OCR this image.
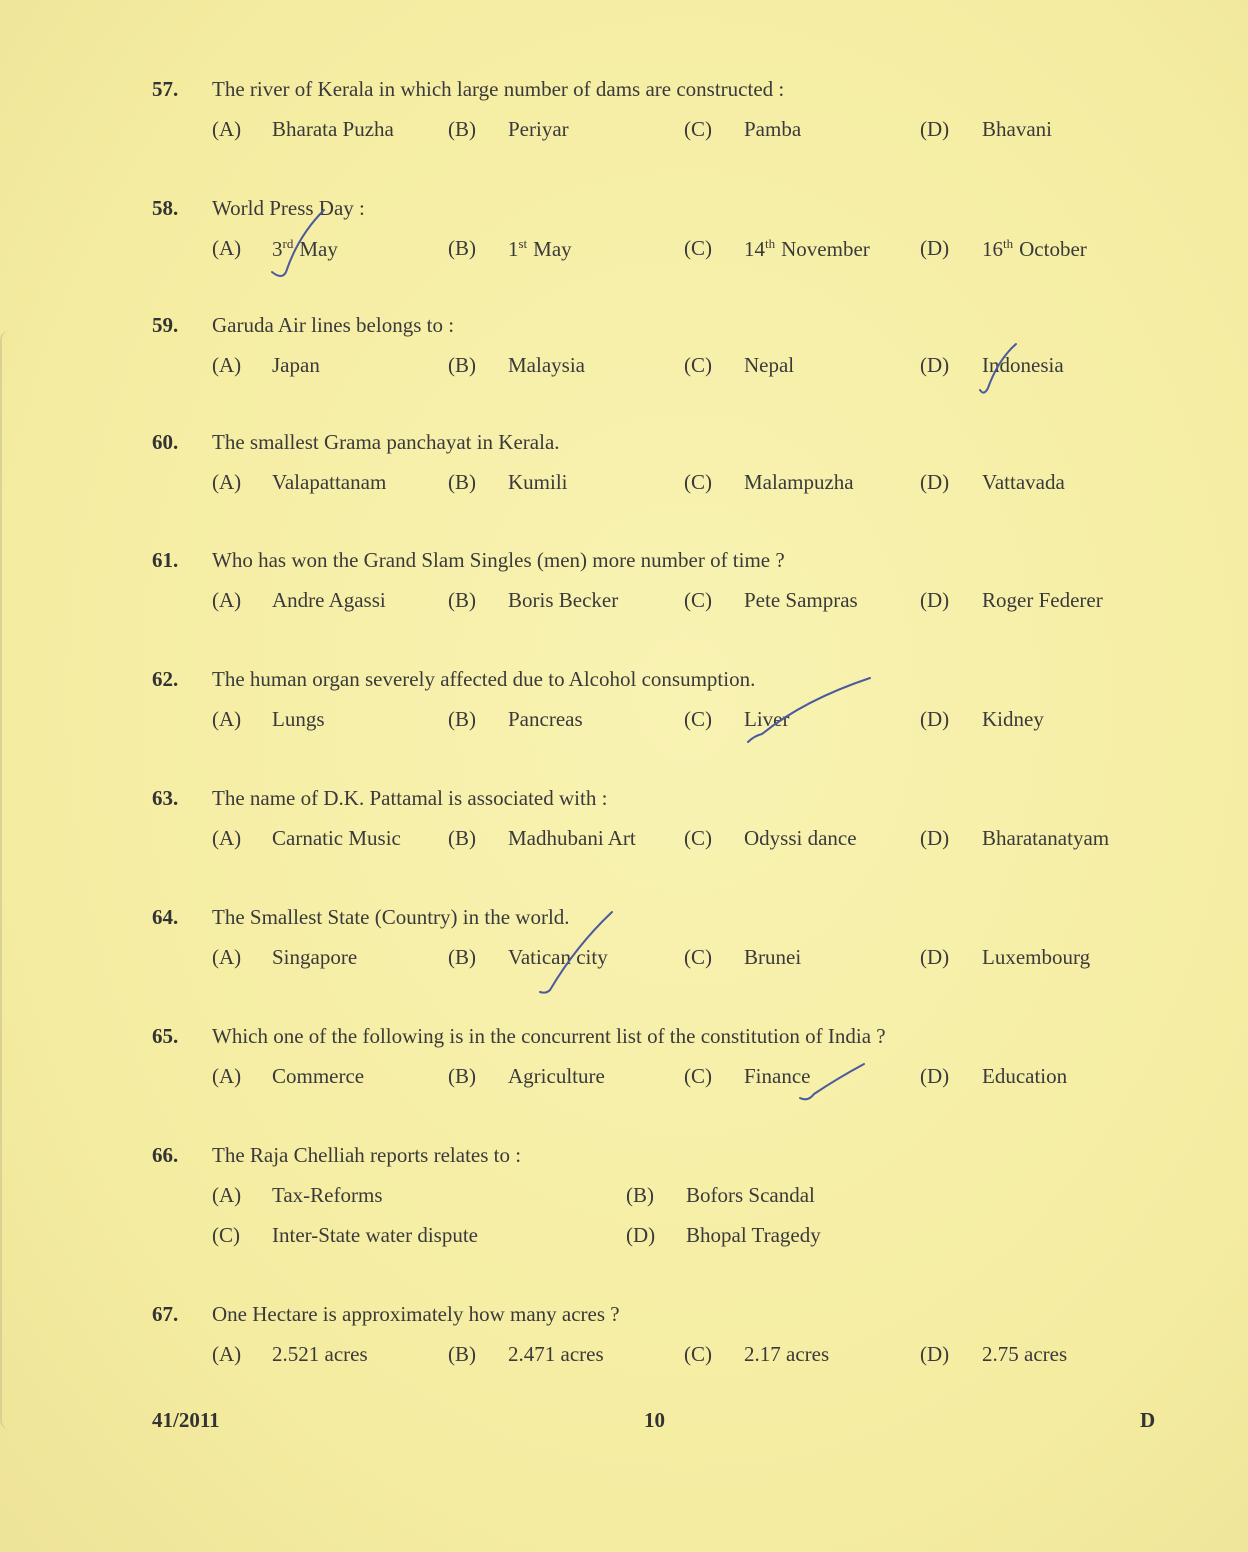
57. The river of Kerala in which large number of dams are constructed :
(A) Bharata Puzha	(B) Periyar	(C) Pamba	(D) Bhavani
58. World Press Day :
(A) 3rd May	(B) 1st May	(C) 14th November (D) 16th October
59. Garuda Air lines belongs to :
(A) Japan	(B) Malaysia	(C) Nepal	(D) Indonesia
60. The smallest Grama panchayat in Kerala.
(A) Valapattanam	(B) Kumili	(C) Malampuzha	(D) Vattavada
61. Who has won the Grand Slam Singles (men) more number of time ?
(A) Andre Agassi	(B) Boris Becker	(C) Pete Sampras	(D) Roger Federer
62. The human organ severely affected due to Alcohol consumption.
(A) Lungs	(B) Pancreas	(C) Liver	(D) Kidney
63. The name of D.K. Pattamal is associated with :
(A) Carnatic Music (B) Madhubani Art (C) Odyssi dance	(D) Bharatanatyam
64. The Smallest State (Country) in the world.
(A) Singapore	(B) Vatican city	(C) Brunei	(D) Luxembourg
65. Which one of the following is in the concurrent list of the constitution of India ?
(A) Commerce	(B) Agriculture	(C) Finance	(D) Education
66. The Raja Chelliah reports relates to :
(A) Tax-Reforms	(B) Bofors Scandal
(C) Inter-State water dispute	(D) Bhopal Tragedy
67. One Hectare is approximately how many acres ?
(A) 2.521 acres	(B) 2.471 acres	(C) 2.17 acres	(D) 2.75 acres
41/2011	10	D
